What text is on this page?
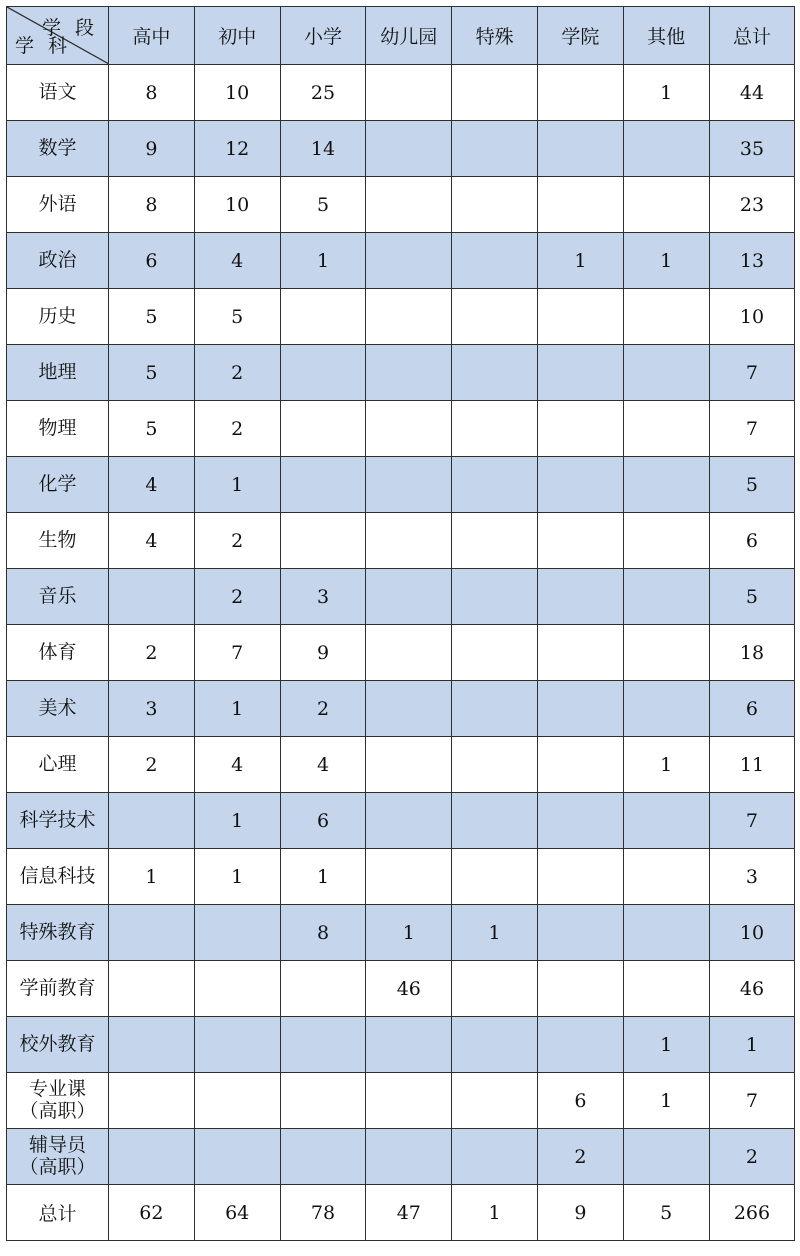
学 段
学 科	高中	初中	小学	幼儿园	特殊	学院	其他	总计

语文	8	10	25				1	44

数学	9	12	14					35

外语	8	10	5					23

政治	6	4	1			1	1	13

历史	5	5						10

地理	5	2						7

物理	5	2						7

化学	4	1						5

生物	4	2						6

音乐		2	3					5

体育	2	7	9					18

美术	3	1	2					6

心理	2	4	4				1	11

科学技术		1	6					7

信息科技	1	1	1					3

特殊教育			8	1	1			10

学前教育				46				46

校外教育							1	1

专业课
（高职）						6	1	7

辅导员
（高职）						2		2
总计	62	64	78	47	1	9	5	266
